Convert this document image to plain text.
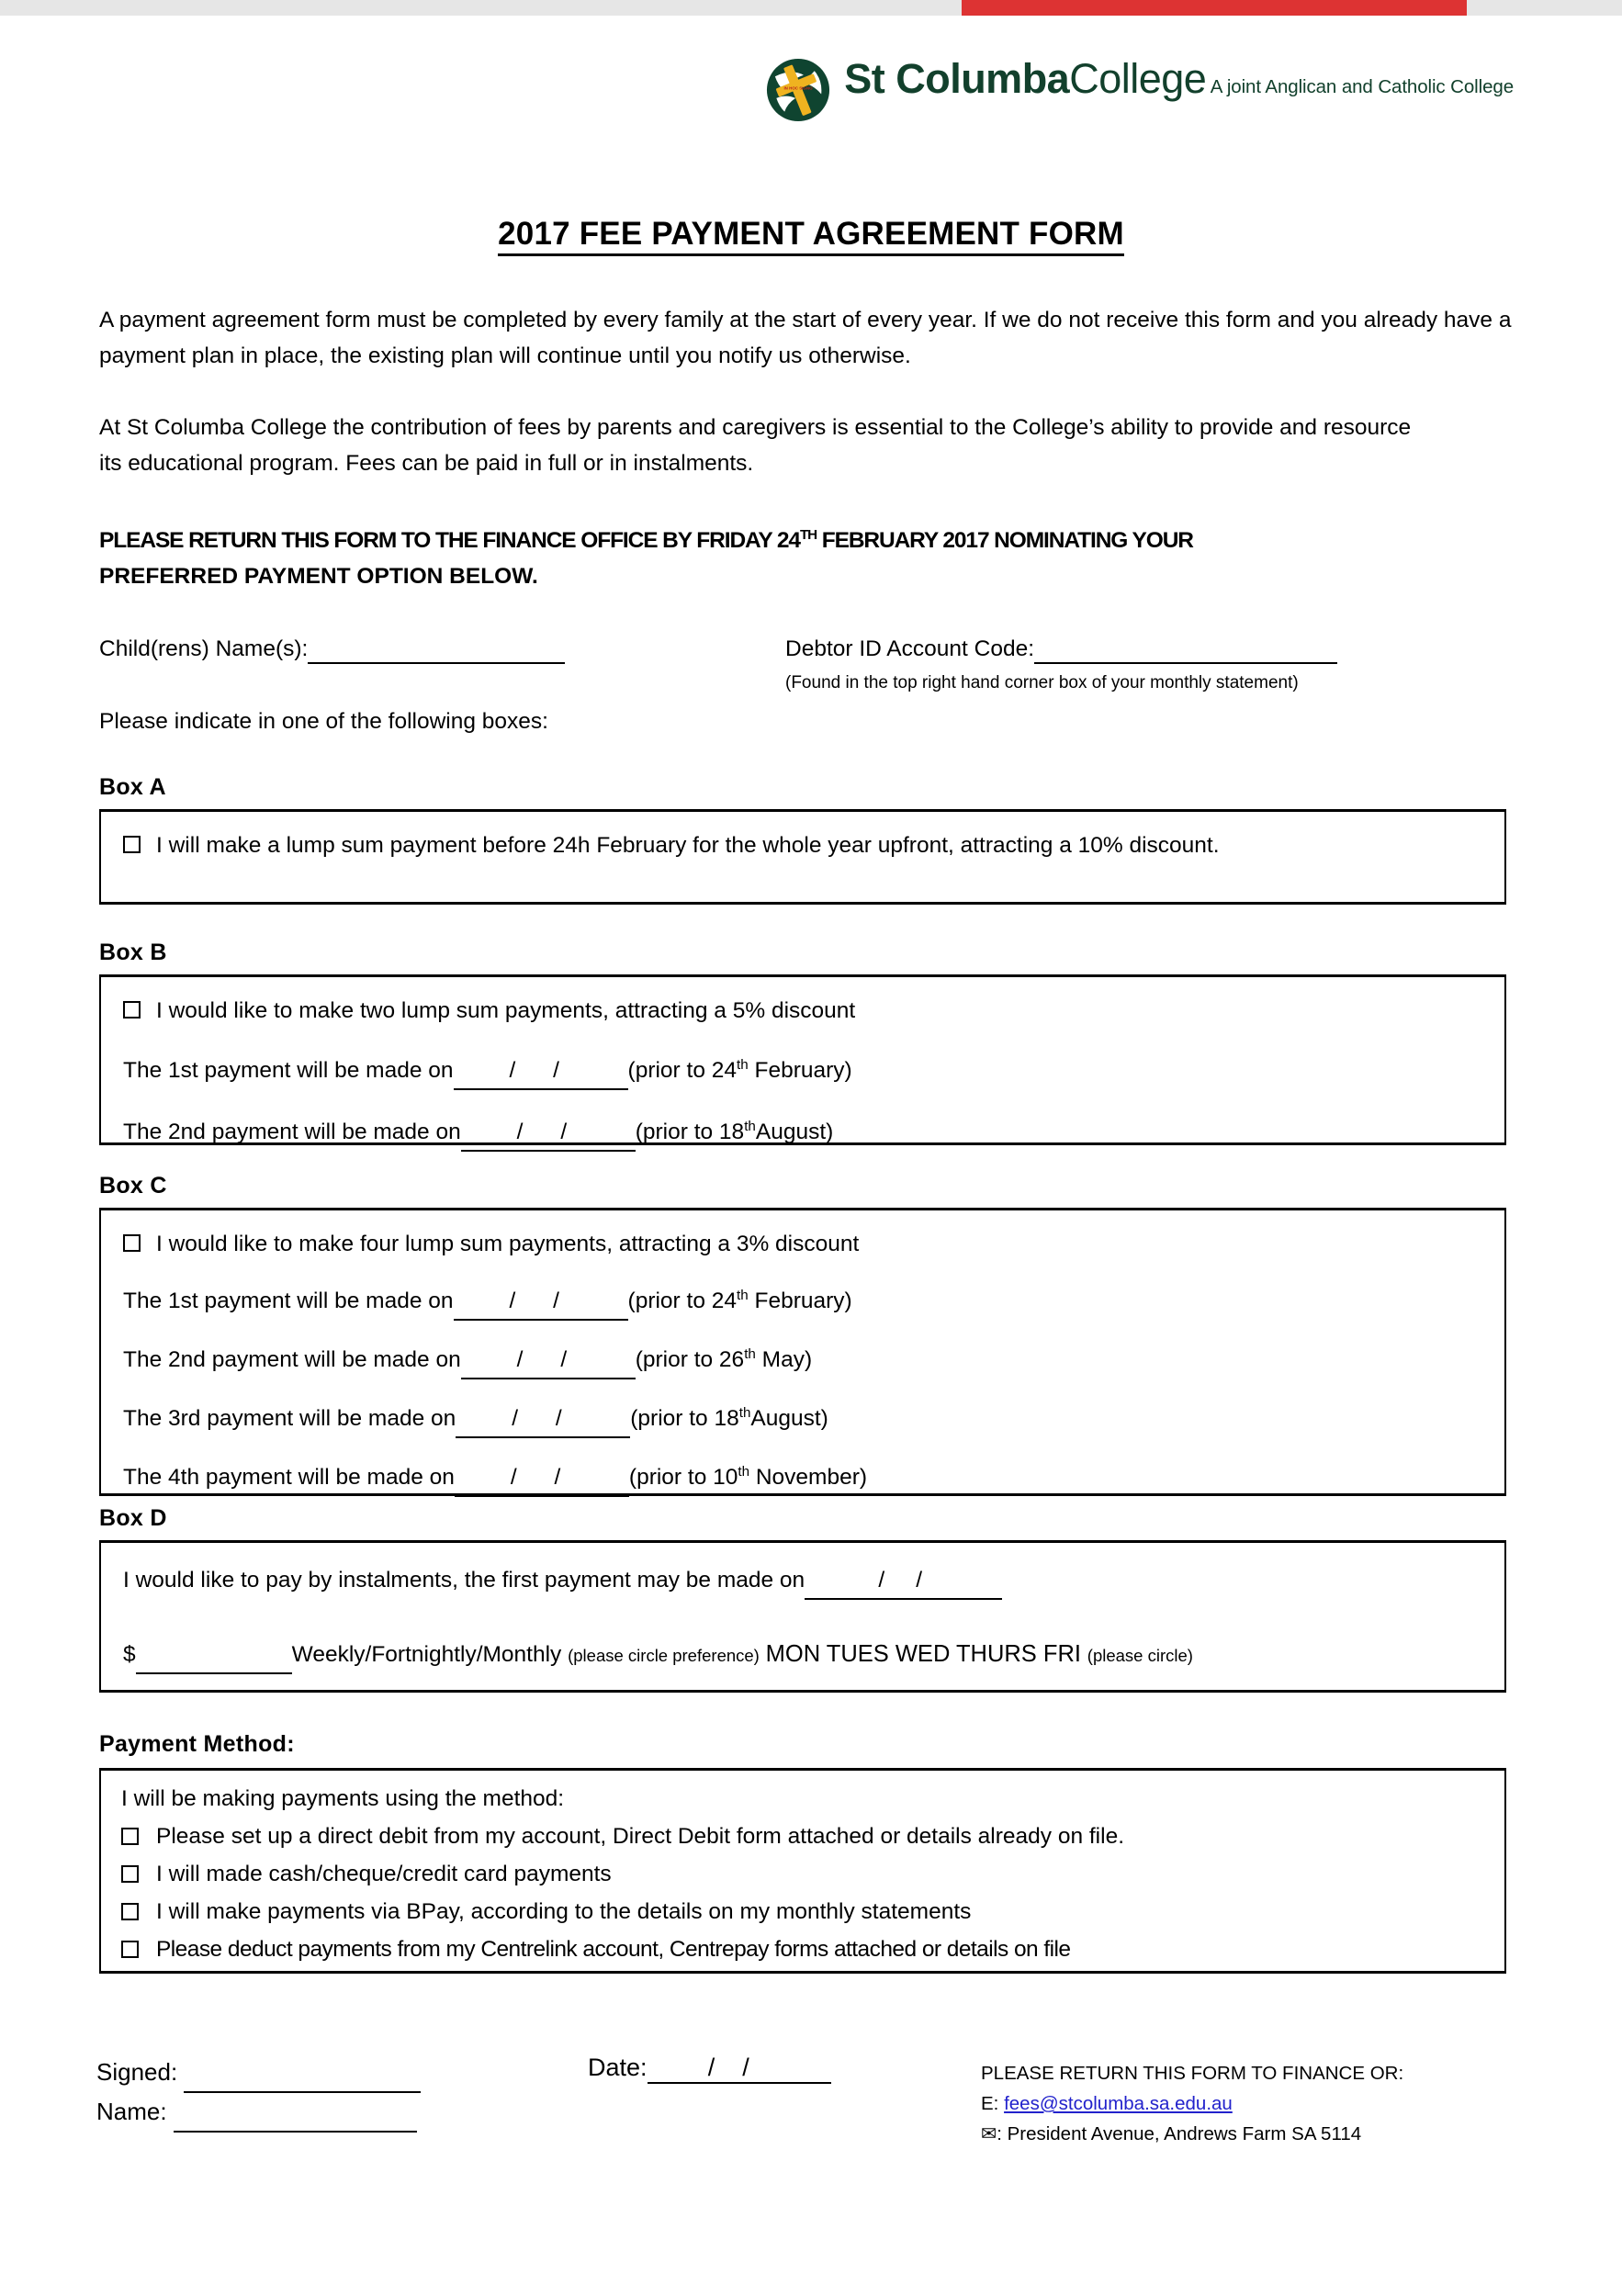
IN HOC SIGNO St ColumbaCollege A joint Anglican and Catholic College
2017 FEE PAYMENT AGREEMENT FORM
A payment agreement form must be completed by every family at the start of every year. If we do not receive this form and you already have a payment plan in place, the existing plan will continue until you notify us otherwise.
At St Columba College the contribution of fees by parents and caregivers is essential to the College’s ability to provide and resource its educational program. Fees can be paid in full or in instalments.
PLEASE RETURN THIS FORM TO THE FINANCE OFFICE BY FRIDAY 24TH FEBRUARY 2017 NOMINATING YOUR
PREFERRED PAYMENT OPTION BELOW.
Child(rens) Name(s):	Debtor ID Account Code:
(Found in the top right hand corner box of your monthly statement)
Please indicate in one of the following boxes:
Box A
I will make a lump sum payment before 24h February for the whole year upfront, attracting a 10% discount.
Box B
I would like to make two lump sum payments, attracting a 5% discount
The 1st payment will be made on /      /   (prior to 24th February)
The 2nd payment will be made on /      /   (prior to 18thAugust)
Box C
I would like to make four lump sum payments, attracting a 3% discount
The 1st payment will be made on /      /   (prior to 24th February)
The 2nd payment will be made on /      /   (prior to 26th May)
The 3rd payment will be made on /      /   (prior to 18thAugust)
The 4th payment will be made on /      /   (prior to 10th November)
Box D
I would like to pay by instalments, the first payment may be made on   /     /
$	Weekly/Fortnightly/Monthly (please circle preference) MON TUES WED THURS FRI (please circle)
Payment Method:
I will be making payments using the method:
Please set up a direct debit from my account, Direct Debit form attached or details already on file.
I will made cash/cheque/credit card payments
I will make payments via BPay, according to the details on my monthly statements
Please deduct payments from my Centrelink account, Centrepay forms attached or details on file
Signed:
Name:
Date:  /    /	PLEASE RETURN THIS FORM TO FINANCE OR:
E: fees@stcolumba.sa.edu.au
✉: President Avenue, Andrews Farm SA 5114
